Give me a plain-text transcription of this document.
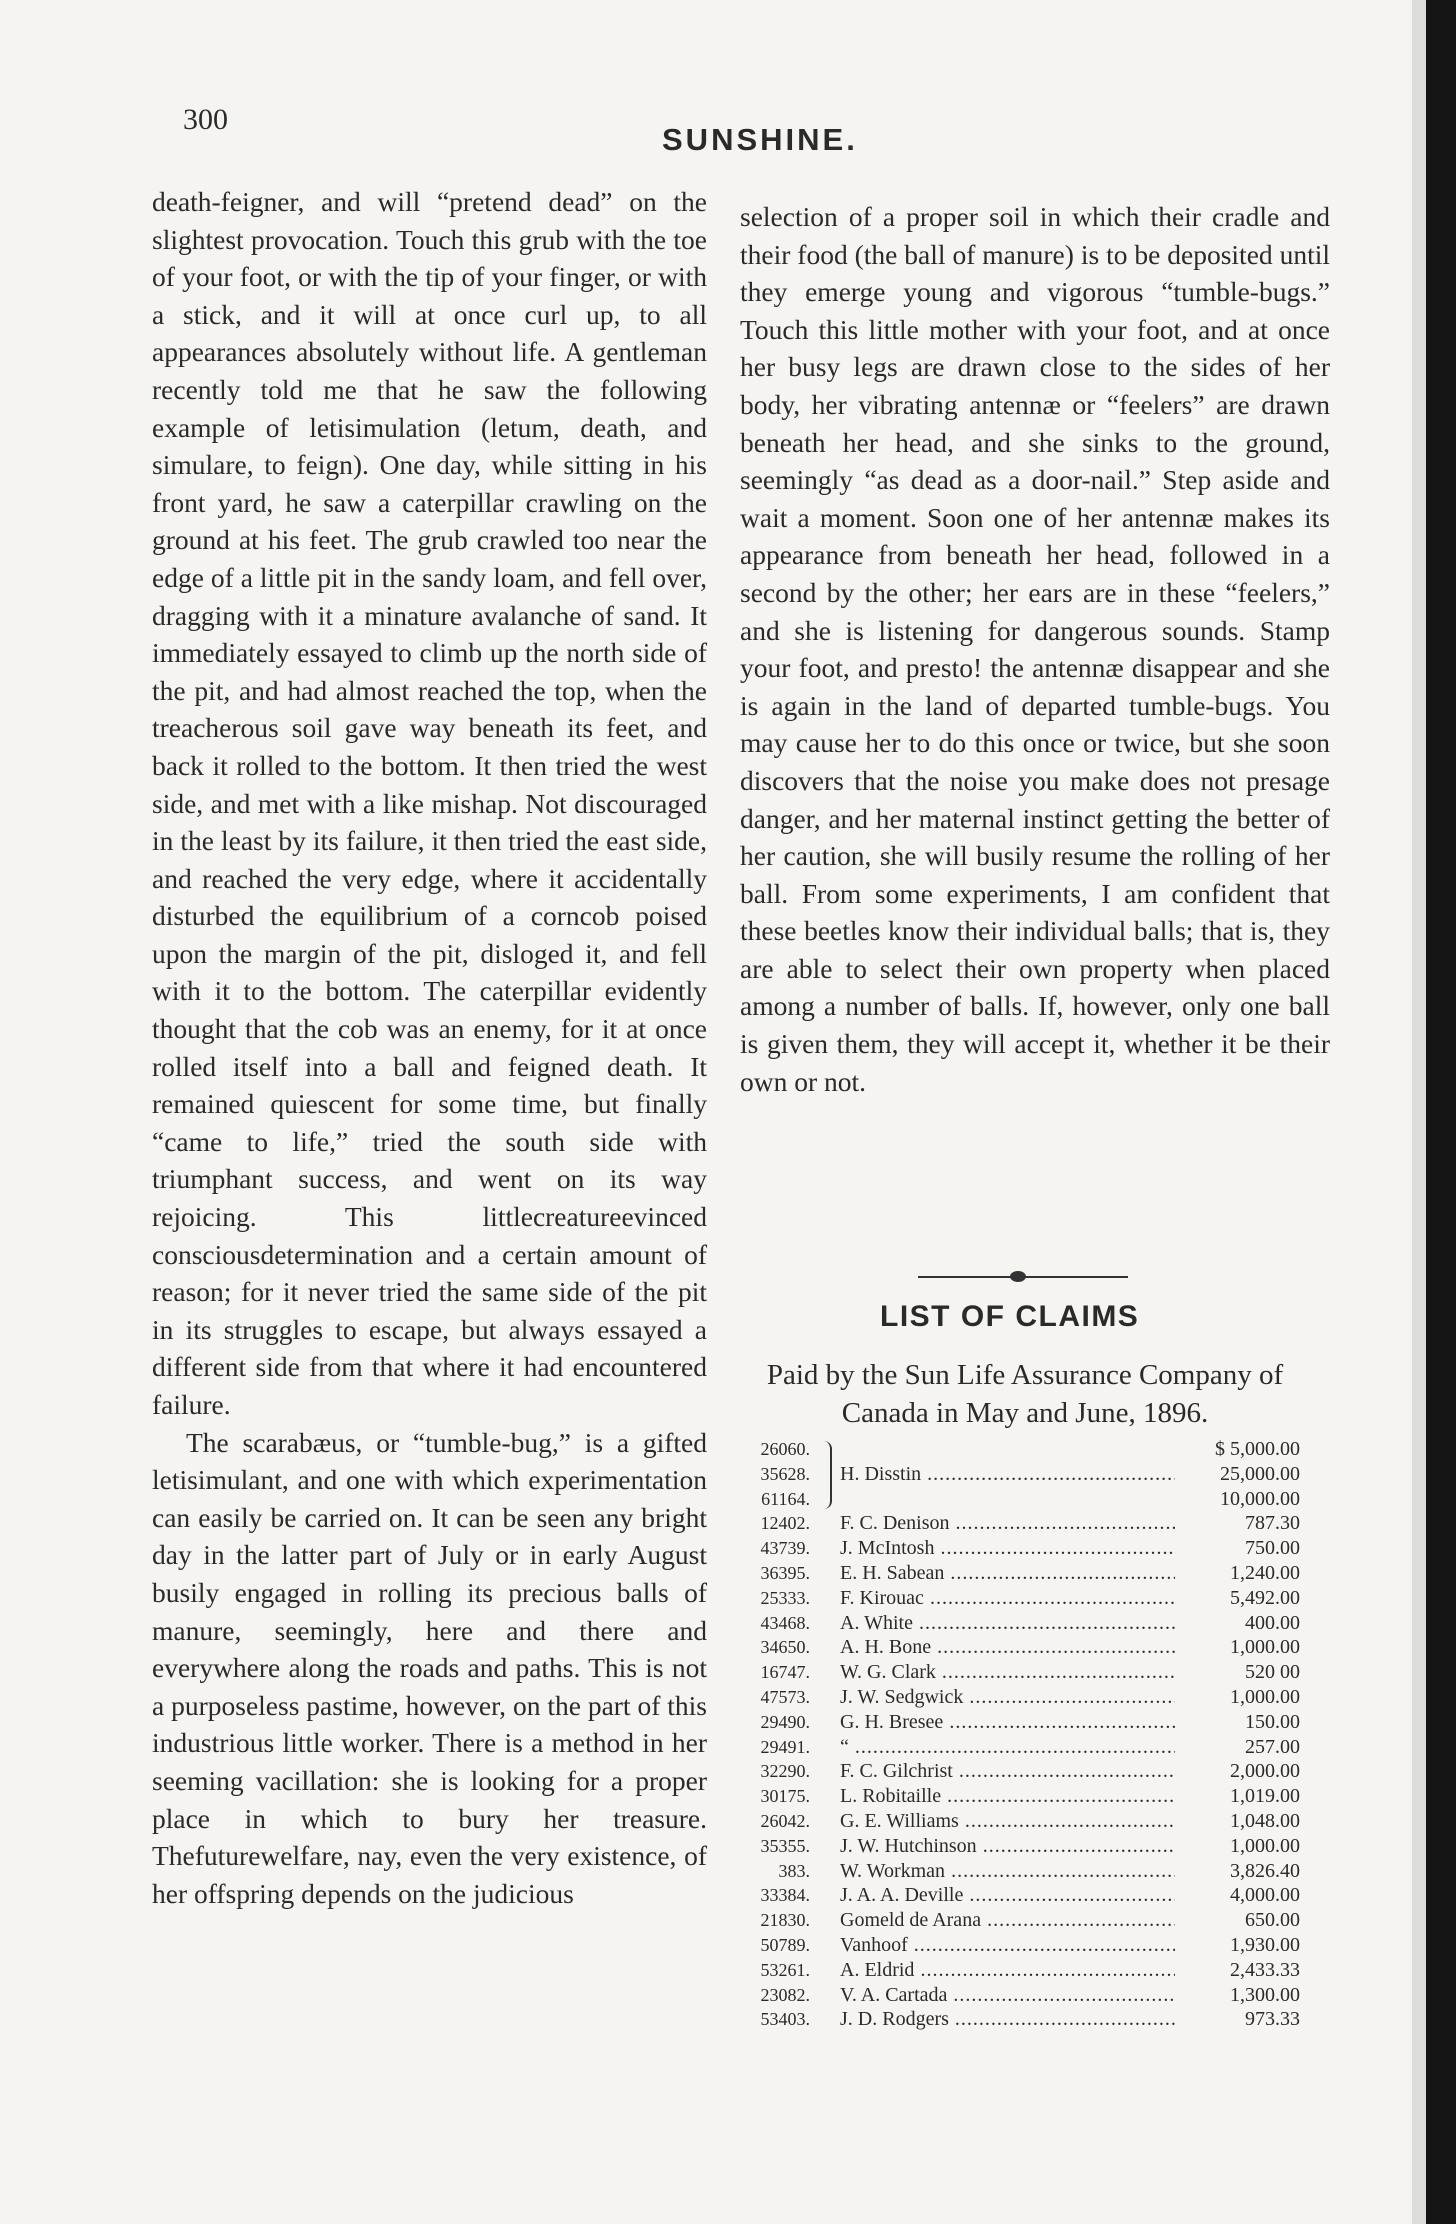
300
SUNSHINE.

death-feigner, and will “pretend dead” on the slightest provocation. Touch this grub with the toe of your foot, or with the tip of your finger, or with a stick, and it will at once curl up, to all appearances absolutely without life. A gentleman recently told me that he saw the following example of letisimulation (letum, death, and simulare, to feign). One day, while sitting in his front yard, he saw a caterpillar crawling on the ground at his feet. The grub crawled too near the edge of a little pit in the sandy loam, and fell over, dragging with it a minature avalanche of sand. It immediately essayed to climb up the north side of the pit, and had almost reached the top, when the treacherous soil gave way beneath its feet, and back it rolled to the bottom. It then tried the west side, and met with a like mishap. Not discouraged in the least by its failure, it then tried the east side, and reached the very edge, where it accidentally disturbed the equilibrium of a corncob poised upon the margin of the pit, disloged it, and fell with it to the bottom. The caterpillar evidently thought that the cob was an enemy, for it at once rolled itself into a ball and feigned death. It remained quiescent for some time, but finally “came to life,” tried the south side with triumphant success, and went on its way rejoicing. This littlecreatureevinced consciousdetermination and a certain amount of reason; for it never tried the same side of the pit in its struggles to escape, but always essayed a different side from that where it had encountered failure.

The scarabæus, or “tumble-bug,” is a gifted letisimulant, and one with which experimentation can easily be carried on. It can be seen any bright day in the latter part of July or in early August busily engaged in rolling its precious balls of manure, seemingly, here and there and everywhere along the roads and paths. This is not a purposeless pastime, however, on the part of this industrious little worker. There is a method in her seeming vacillation: she is looking for a proper place in which to bury her treasure. Thefuturewelfare, nay, even the very existence, of her offspring depends on the judicious

selection of a proper soil in which their cradle and their food (the ball of manure) is to be deposited until they emerge young and vigorous “tumble-bugs.” Touch this little mother with your foot, and at once her busy legs are drawn close to the sides of her body, her vibrating antennæ or “feelers” are drawn beneath her head, and she sinks to the ground, seemingly “as dead as a door-nail.” Step aside and wait a moment. Soon one of her antennæ makes its appearance from beneath her head, followed in a second by the other; her ears are in these “feelers,” and she is listening for dangerous sounds. Stamp your foot, and presto! the antennæ disappear and she is again in the land of departed tumble-bugs. You may cause her to do this once or twice, but she soon discovers that the noise you make does not presage danger, and her maternal instinct getting the better of her caution, she will busily resume the rolling of her ball. From some experiments, I am confident that these beetles know their individual balls; that is, they are able to select their own property when placed among a number of balls. If, however, only one ball is given them, they will accept it, whether it be their own or not.

LIST OF CLAIMS
Paid by the Sun Life Assurance Company of Canada in May and June, 1896.
26060.	$ 5,000.00
35628. H. Disstin .....	25,000.00
61164.	10,000.00
12402. F. C. Denison .....	787.30
43739. J. McIntosh .....	750.00
36395. E. H. Sabean .....	1,240.00
25333. F. Kirouac .....	5,492.00
43468. A. White .....	400.00
34650. A. H. Bone .....	1,000.00
16747. W. G. Clark .....	520 00
47573. J. W. Sedgwick .....	1,000.00
29490. G. H. Bresee .....	150.00
29491. “ .....	257.00
32290. F. C. Gilchrist .....	2,000.00
30175. L. Robitaille .....	1,019.00
26042. G. E. Williams .....	1,048.00
35355. J. W. Hutchinson .....	1,000.00
383. W. Workman .....	3,826.40
33384. J. A. A. Deville .....	4,000.00
21830. Gomeld de Arana .....	650.00
50789. Vanhoof .....	1,930.00
53261. A. Eldrid .....	2,433.33
23082. V. A. Cartada .....	1,300.00
53403. J. D. Rodgers .....	973.33
